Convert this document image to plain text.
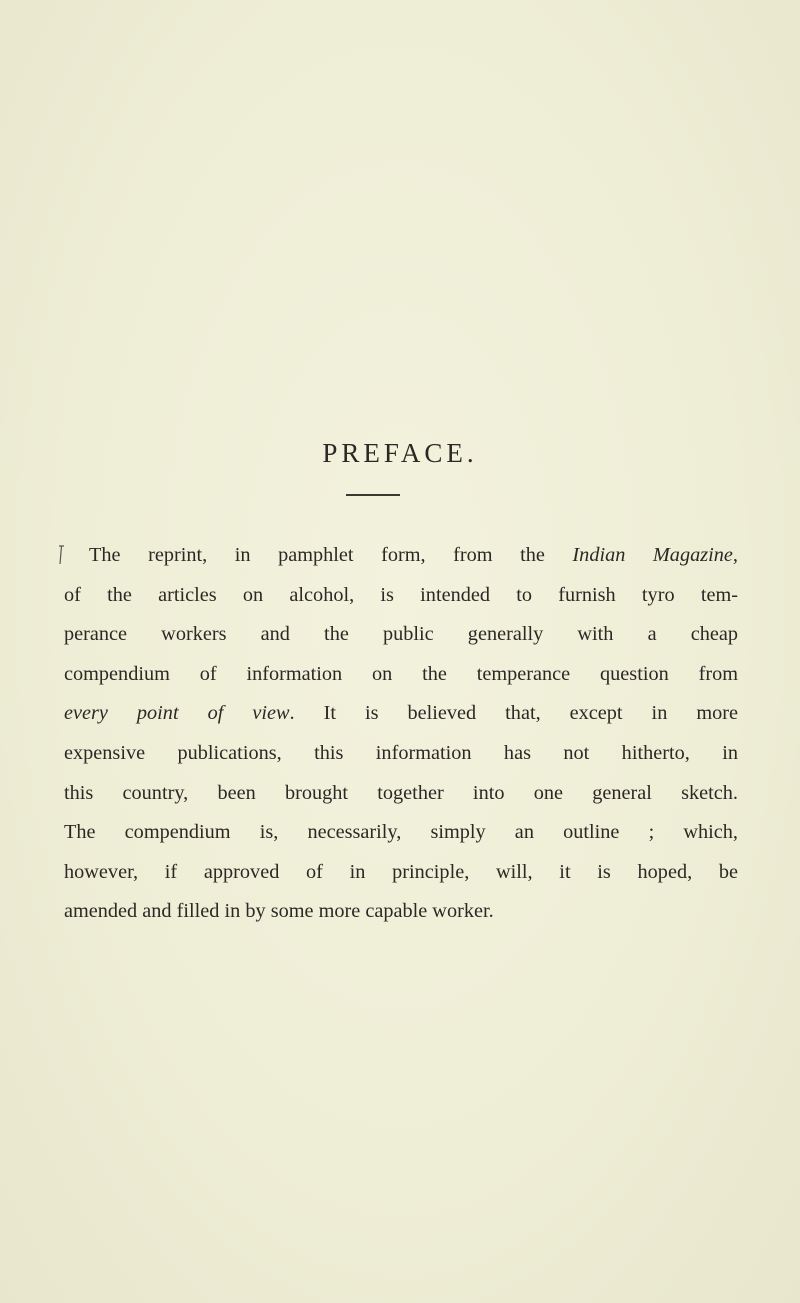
PREFACE.
The reprint, in pamphlet form, from the Indian Magazine,
of the articles on alcohol, is intended to furnish tyro tem-
perance workers and the public generally with a cheap
compendium of information on the temperance question from
every point of view. It is believed that, except in more
expensive publications, this information has not hitherto, in
this country, been brought together into one general sketch.
The compendium is, necessarily, simply an outline ; which,
however, if approved of in principle, will, it is hoped, be
amended and filled in by some more capable worker.
